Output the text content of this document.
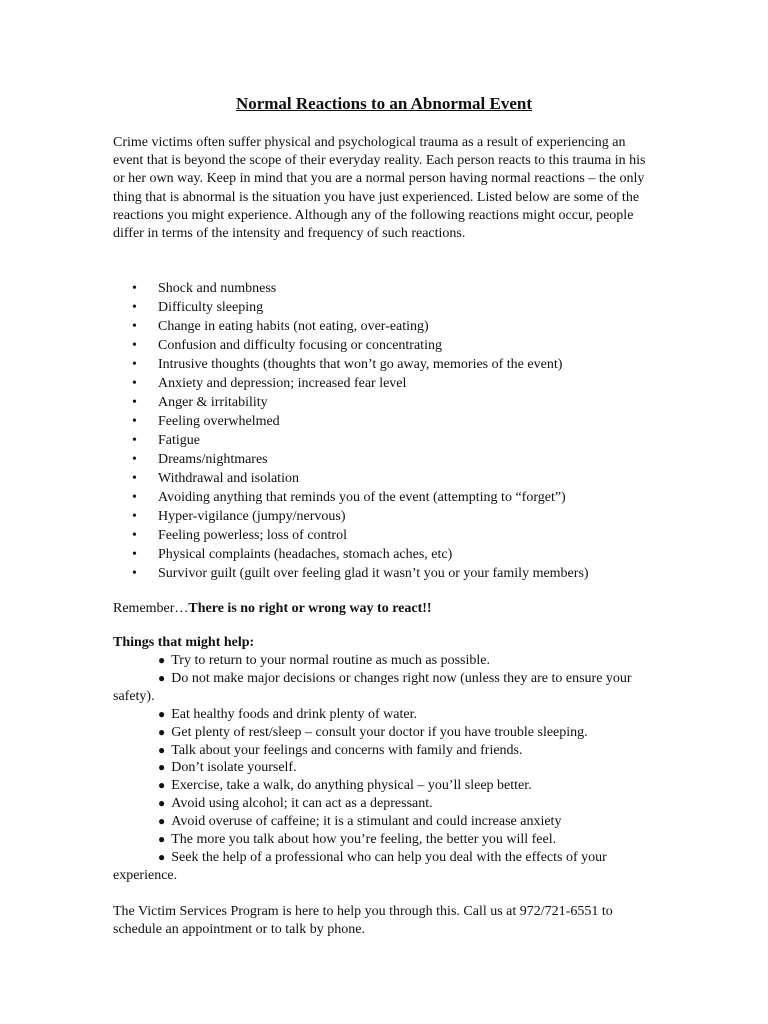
Normal Reactions to an Abnormal Event

Crime victims often suffer physical and psychological trauma as a result of experiencing an event that is beyond the scope of their everyday reality. Each person reacts to this trauma in his or her own way. Keep in mind that you are a normal person having normal reactions – the only thing that is abnormal is the situation you have just experienced. Listed below are some of the reactions you might experience. Although any of the following reactions might occur, people differ in terms of the intensity and frequency of such reactions.

• Shock and numbness
• Difficulty sleeping
• Change in eating habits (not eating, over-eating)
• Confusion and difficulty focusing or concentrating
• Intrusive thoughts (thoughts that won’t go away, memories of the event)
• Anxiety and depression; increased fear level
• Anger & irritability
• Feeling overwhelmed
• Fatigue
• Dreams/nightmares
• Withdrawal and isolation
• Avoiding anything that reminds you of the event (attempting to “forget”)
• Hyper-vigilance (jumpy/nervous)
• Feeling powerless; loss of control
• Physical complaints (headaches, stomach aches, etc)
• Survivor guilt (guilt over feeling glad it wasn’t you or your family members)

Remember…There is no right or wrong way to react!!

Things that might help:

● Try to return to your normal routine as much as possible.
● Do not make major decisions or changes right now (unless they are to ensure your safety).
● Eat healthy foods and drink plenty of water.
● Get plenty of rest/sleep – consult your doctor if you have trouble sleeping.
● Talk about your feelings and concerns with family and friends.
● Don’t isolate yourself.
● Exercise, take a walk, do anything physical – you’ll sleep better.
● Avoid using alcohol; it can act as a depressant.
● Avoid overuse of caffeine; it is a stimulant and could increase anxiety
● The more you talk about how you’re feeling, the better you will feel.
● Seek the help of a professional who can help you deal with the effects of your experience.

The Victim Services Program is here to help you through this. Call us at 972/721-6551 to schedule an appointment or to talk by phone.
